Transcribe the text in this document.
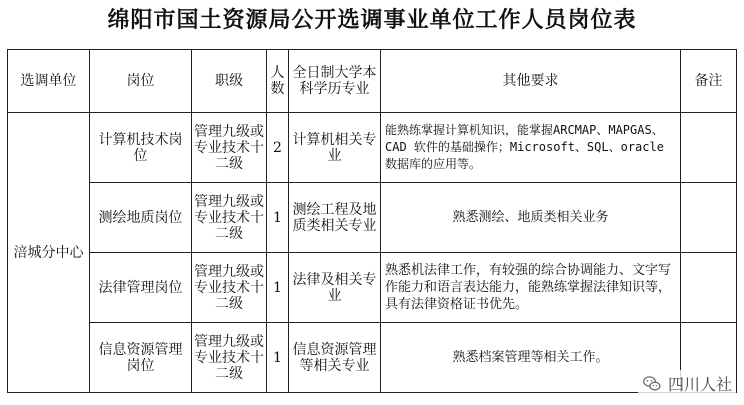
绵阳市国土资源局公开选调事业单位工作人员岗位表
选调单位	岗位	职级	人数	全日制大学本科学历专业	其他要求	备注
涪城分中心	计算机技术岗位	管理九级或专业技术十二级	2	计算机相关专业	能熟练掌握计算机知识，能掌握ARCMAP、MAPGAS、CAD 软件的基础操作；Microsoft、SQL、oracle 数据库的应用等。	
	测绘地质岗位	管理九级或专业技术十二级	1	测绘工程及地质类相关专业	熟悉测绘、地质类相关业务	
	法律管理岗位	管理九级或专业技术十二级	1	法律及相关专业	熟悉机法律工作，有较强的综合协调能力、文字写作能力和语言表达能力，能熟练掌握法律知识等，具有法律资格证书优先。	
	信息资源管理岗位	管理九级或专业技术十二级	1	信息资源管理等相关专业	熟悉档案管理等相关工作。	
四川人社
